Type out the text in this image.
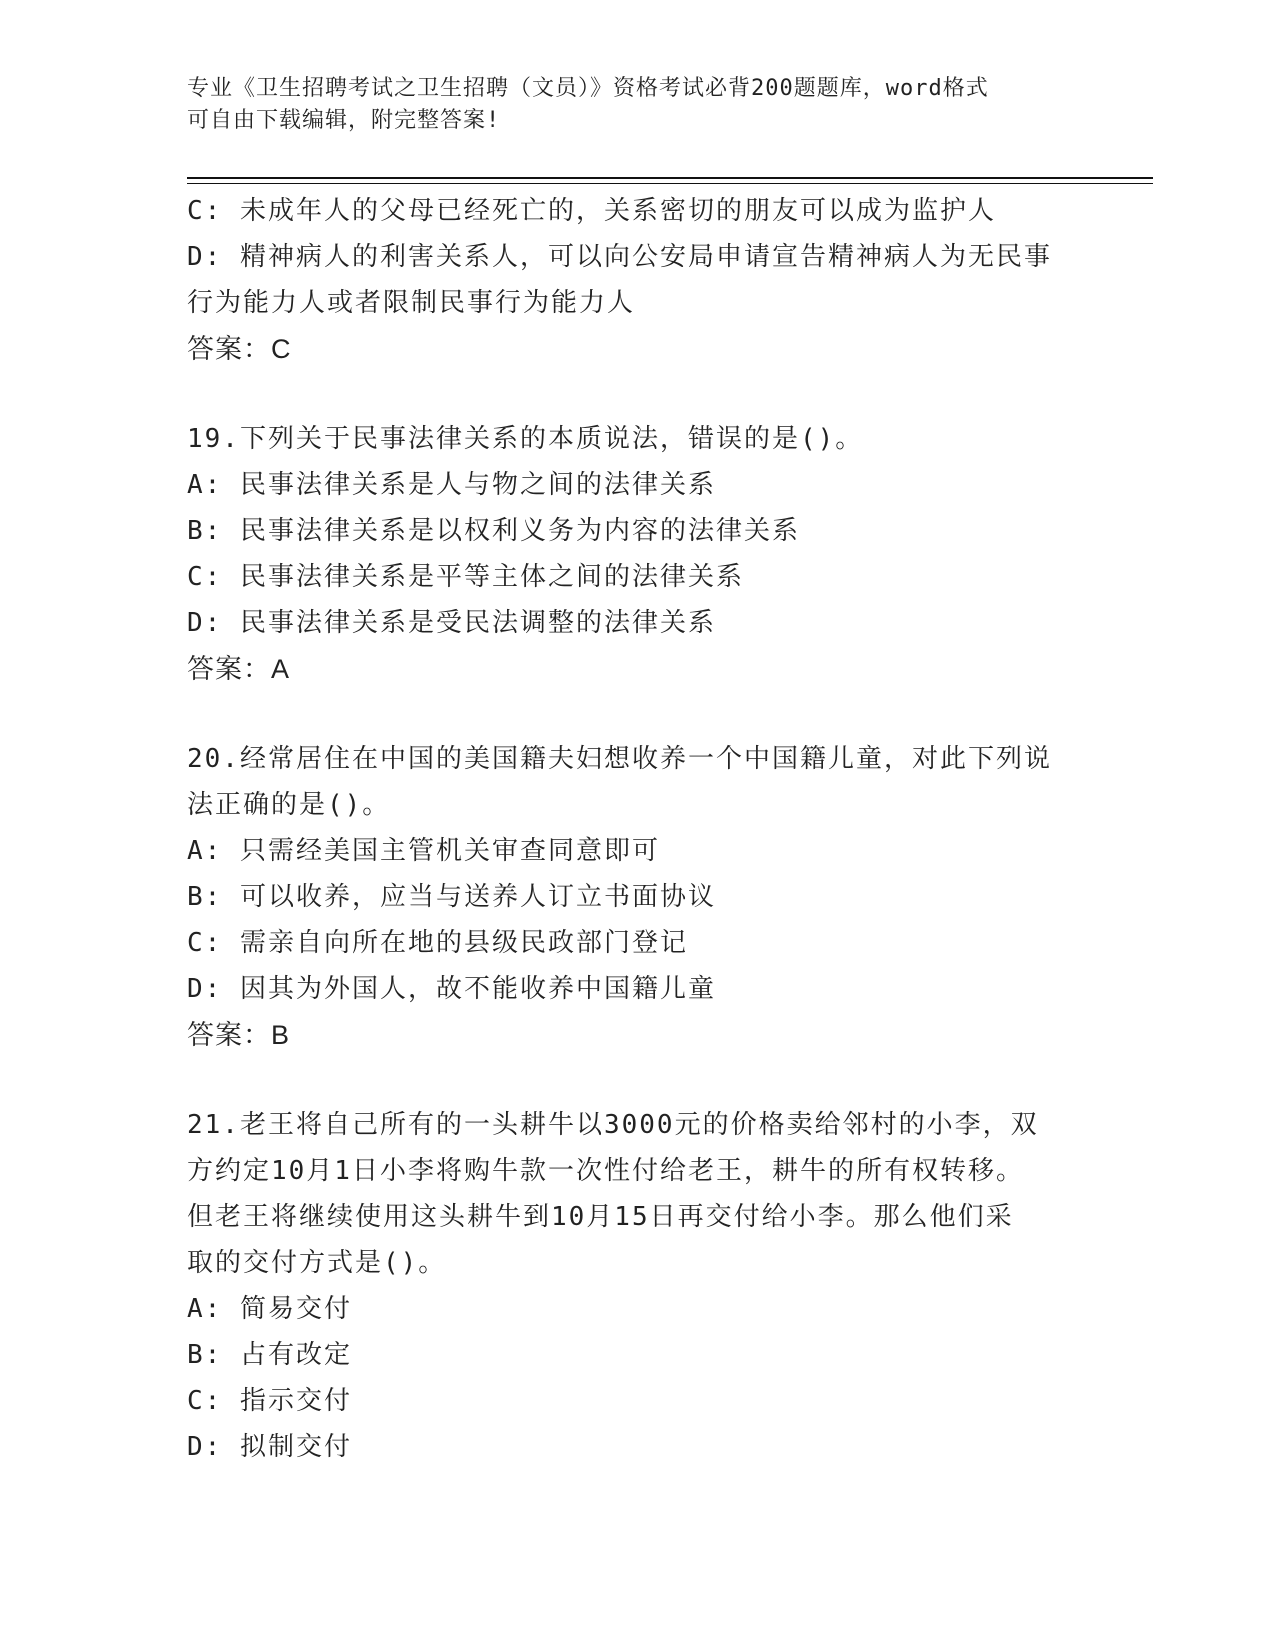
专业《卫生招聘考试之卫生招聘（文员）》资格考试必背200题题库，word格式
可自由下载编辑，附完整答案!
C: 未成年人的父母已经死亡的，关系密切的朋友可以成为监护人
D: 精神病人的利害关系人，可以向公安局申请宣告精神病人为无民事
行为能力人或者限制民事行为能力人
答案：C
19.下列关于民事法律关系的本质说法，错误的是()。
A: 民事法律关系是人与物之间的法律关系
B: 民事法律关系是以权利义务为内容的法律关系
C: 民事法律关系是平等主体之间的法律关系
D: 民事法律关系是受民法调整的法律关系
答案：A
20.经常居住在中国的美国籍夫妇想收养一个中国籍儿童，对此下列说
法正确的是()。
A: 只需经美国主管机关审查同意即可
B: 可以收养，应当与送养人订立书面协议
C: 需亲自向所在地的县级民政部门登记
D: 因其为外国人，故不能收养中国籍儿童
答案：B
21.老王将自己所有的一头耕牛以3000元的价格卖给邻村的小李，双
方约定10月1日小李将购牛款一次性付给老王，耕牛的所有权转移。
但老王将继续使用这头耕牛到10月15日再交付给小李。那么他们采
取的交付方式是()。
A: 简易交付
B: 占有改定
C: 指示交付
D: 拟制交付
